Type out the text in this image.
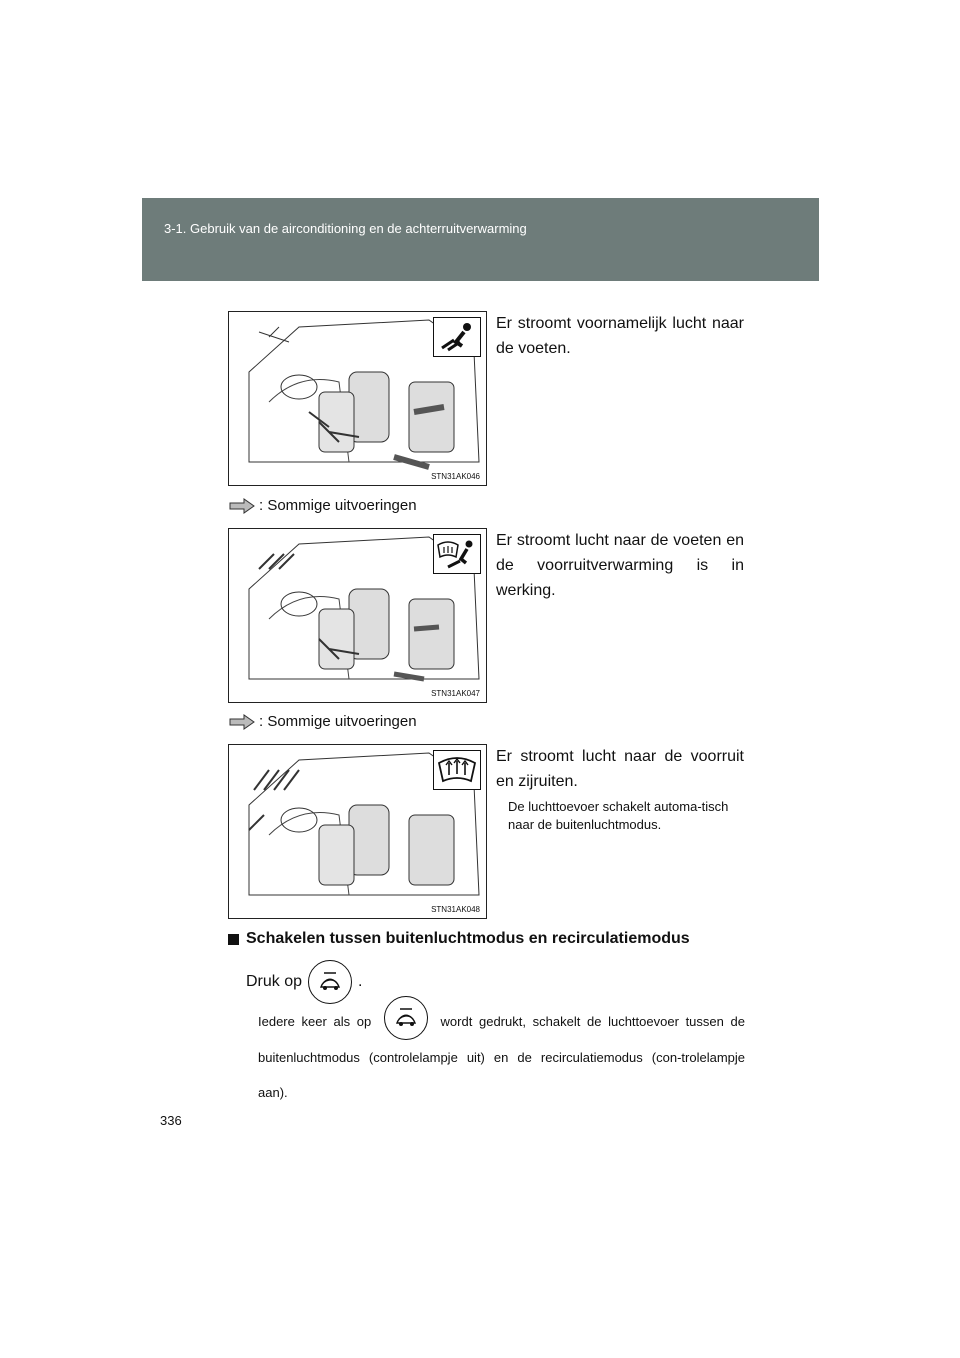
3-1. Gebruik van de airconditioning en de achterruitverwarming
STN31AK046
Er stroomt voornamelijk lucht naar de voeten.
: Sommige uitvoeringen
STN31AK047
Er stroomt lucht naar de voeten en de voorruitverwarming is in werking.
: Sommige uitvoeringen
STN31AK048
Er stroomt lucht naar de voorruit en zijruiten.
De luchttoevoer schakelt automa-tisch naar de buitenluchtmodus.
Schakelen tussen buitenluchtmodus en recirculatiemodus
Druk op	.
Iedere keer als op	wordt gedrukt, schakelt de luchttoevoer tussen de buitenluchtmodus (controlelampje uit) en de recirculatiemodus (con-trolelampje aan).
336
